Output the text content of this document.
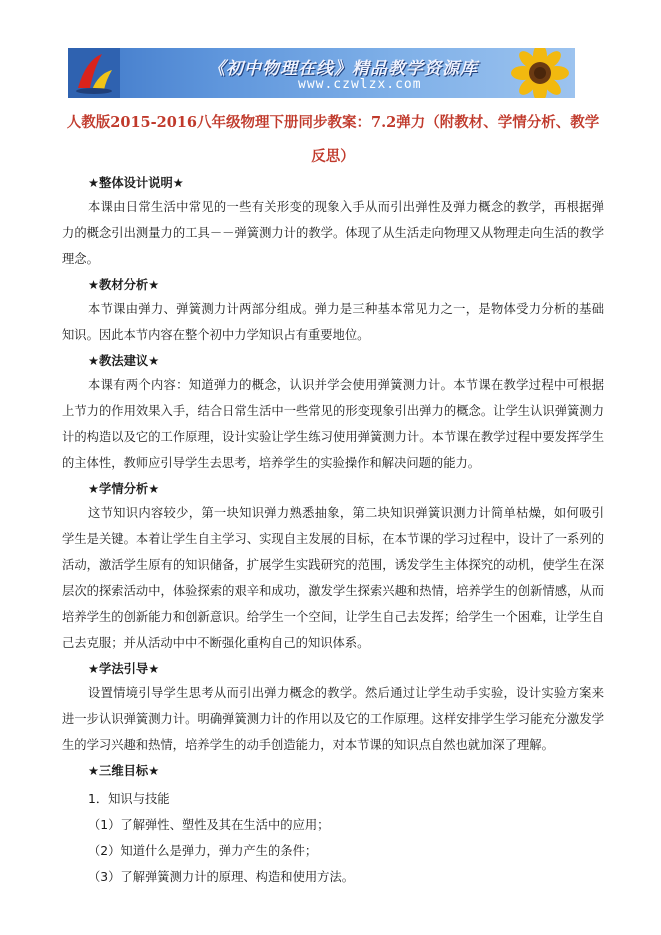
《初中物理在线》精品教学资源库
www.czwlzx.com
人教版2015-2016八年级物理下册同步教案：7.2弹力（附教材、学情分析、教学反思）
★整体设计说明★

本课由日常生活中常见的一些有关形变的现象入手从而引出弹性及弹力概念的教学，再根据弹力的概念引出测量力的工具－－弹簧测力计的教学。体现了从生活走向物理又从物理走向生活的教学理念。

★教材分析★

本节课由弹力、弹簧测力计两部分组成。弹力是三种基本常见力之一，是物体受力分析的基础知识。因此本节内容在整个初中力学知识占有重要地位。

★教法建议★

本课有两个内容：知道弹力的概念，认识并学会使用弹簧测力计。本节课在教学过程中可根据上节力的作用效果入手，结合日常生活中一些常见的形变现象引出弹力的概念。让学生认识弹簧测力计的构造以及它的工作原理，设计实验让学生练习使用弹簧测力计。本节课在教学过程中要发挥学生的主体性，教师应引导学生去思考，培养学生的实验操作和解决问题的能力。

★学情分析★

这节知识内容较少，第一块知识弹力熟悉抽象，第二块知识弹簧识测力计简单枯燥，如何吸引学生是关键。本着让学生自主学习、实现自主发展的目标，在本节课的学习过程中，设计了一系列的活动，激活学生原有的知识储备，扩展学生实践研究的范围，诱发学生主体探究的动机，使学生在深层次的探索活动中，体验探索的艰辛和成功，激发学生探索兴趣和热情，培养学生的创新情感，从而培养学生的创新能力和创新意识。给学生一个空间，让学生自己去发挥；给学生一个困难，让学生自己去克服；并从活动中中不断强化重构自己的知识体系。

★学法引导★

设置情境引导学生思考从而引出弹力概念的教学。然后通过让学生动手实验，设计实验方案来进一步认识弹簧测力计。明确弹簧测力计的作用以及它的工作原理。这样安排学生学习能充分激发学生的学习兴趣和热情，培养学生的动手创造能力，对本节课的知识点自然也就加深了理解。

★三维目标★
1．知识与技能
（1）了解弹性、塑性及其在生活中的应用；
（2）知道什么是弹力，弹力产生的条件；
（3）了解弹簧测力计的原理、构造和使用方法。
